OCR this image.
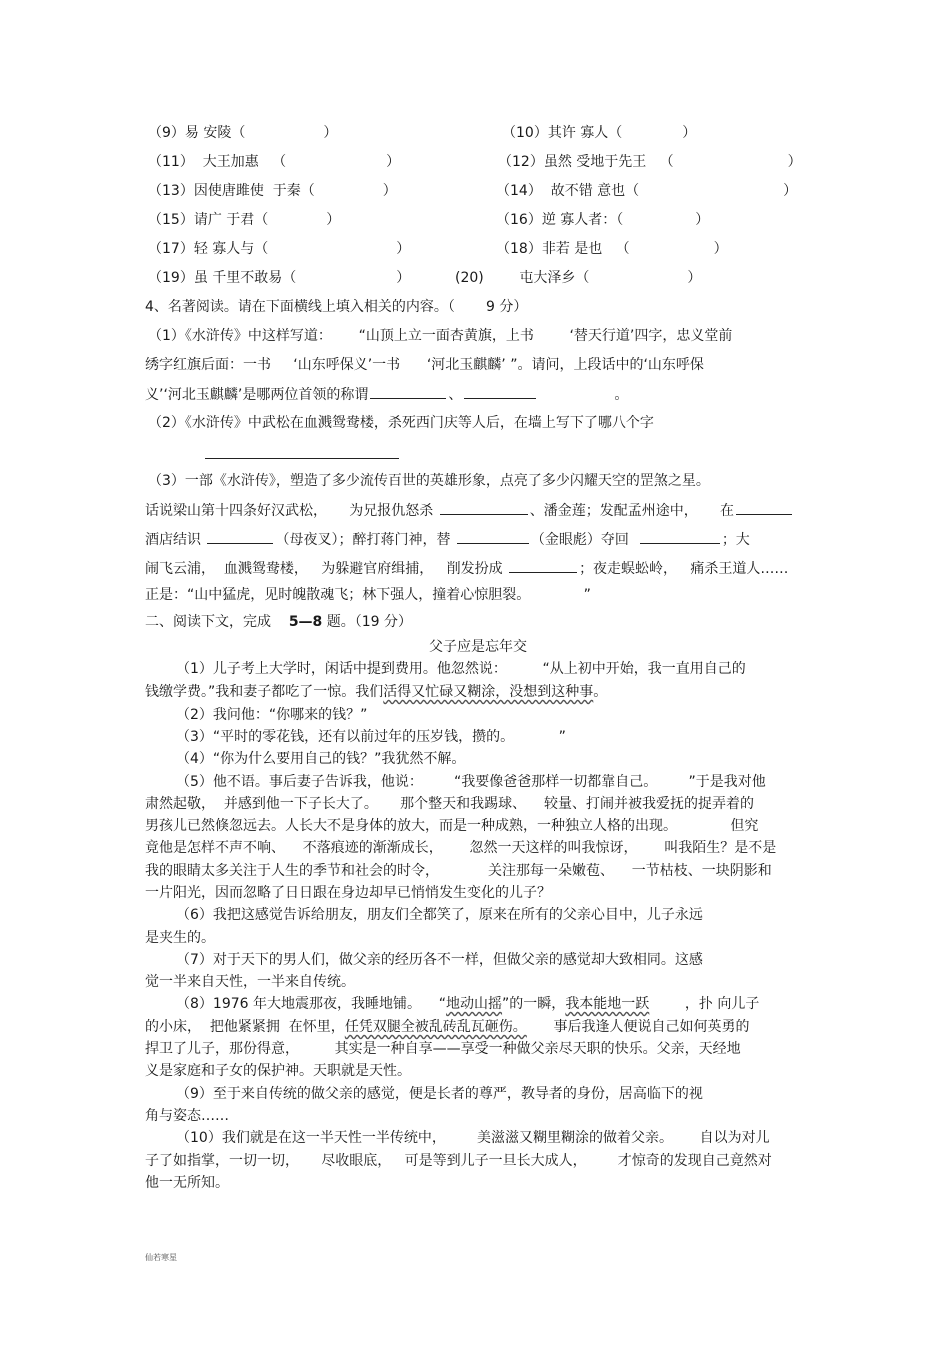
（9）易 安陵（	）	（10）其许 寡人（	）
（11）  大王加惠   （	）	（12）虽然 受地于先王   （	）
（13）因使唐雎使  于秦（	）	（14）  故不错 意也（	）
（15）请广 于君（	）	（16）逆 寡人者：（	）
（17）轻 寡人与（	）	（18）非若 是也   （	）
（19）虽 千里不敢易（	）	(20)        屯大泽乡（	）
4、名著阅读。请在下面横线上填入相关的内容。（       9 分）
（1）《水浒传》中这样写道：      “山顶上立一面杏黄旗，上书        ‘替天行道’四字，忠义堂前
绣字红旗后面：一书     ‘山东呼保义’一书      ‘河北玉麒麟’ ”。请问，上段话中的‘山东呼保
义’‘河北玉麒麟’是哪两位首领的称谓	、	。
（2）《水浒传》中武松在血溅鸳鸯楼，杀死西门庆等人后，在墙上写下了哪八个字
（3）一部《水浒传》，塑造了多少流传百世的英雄形象，点亮了多少闪耀天空的罡煞之星。
话说梁山第十四条好汉武松，     为兄报仇怒杀	、潘金莲；发配孟州途中，     在
酒店结识	（母夜叉）；醉打蒋门神，替	（金眼彪）夺回	；大
闹飞云浦，  血溅鸳鸯楼，   为躲避官府缉捕，   削发扮成	；夜走蜈蚣岭，   痛杀王道人……
正是：“山中猛虎，见时魄散魂飞；林下强人，撞着心惊胆裂。            ”
二、阅读下文，完成    5—8 题。（19 分）
父子应是忘年交
（1）儿子考上大学时，闲话中提到费用。他忽然说：        “从上初中开始，我一直用自己的
钱缴学费。”我和妻子都吃了一惊。我们活得又忙碌又糊涂，没想到这种事。
（2）我问他：“你哪来的钱？”
（3）“平时的零花钱，还有以前过年的压岁钱，攒的。          ”
（4）“你为什么要用自己的钱？”我犹然不解。
（5）他不语。事后妻子告诉我，他说：       “我要像爸爸那样一切都靠自己。       ”于是我对他
肃然起敬，  并感到他一下子长大了。     那个整天和我踢球、    较量、打闹并被我爱抚的捉弄着的
男孩儿已然倏忽远去。人长大不是身体的放大，而是一种成熟，一种独立人格的出现。            但究
竟他是怎样不声不响、    不落痕迹的渐渐成长，      忽然一天这样的叫我惊讶，      叫我陌生？是不是
我的眼睛太多关注于人生的季节和社会的时令，           关注那每一朵嫩苞、    一节枯枝、一块阴影和
一片阳光，因而忽略了日日跟在身边却早已悄悄发生变化的儿子？
（6）我把这感觉告诉给朋友，朋友们全都笑了，原来在所有的父亲心目中，儿子永远
是夹生的。
（7）对于天下的男人们，做父亲的经历各不一样，但做父亲的感觉却大致相同。这感
觉一半来自天性，一半来自传统。
（8）1976 年大地震那夜，我睡地铺。    “地动山摇”的一瞬，我本能地一跃        ，扑 向儿子
的小床，  把他紧紧拥  在怀里，任凭双腿全被乱砖乱瓦砸伤。      事后我逢人便说自己如何英勇的
捍卫了儿子，那份得意，        其实是一种自享——享受一种做父亲尽天职的快乐。父亲，天经地
义是家庭和子女的保护神。天职就是天性。
（9）至于来自传统的做父亲的感觉，便是长者的尊严，教导者的身份，居高临下的视
角与姿态……
（10）我们就是在这一半天性一半传统中，       美滋滋又糊里糊涂的做着父亲。      自以为对儿
子了如指掌，一切一切，     尽收眼底，   可是等到儿子一旦长大成人，       才惊奇的发现自己竟然对
他一无所知。
仙若寒星
